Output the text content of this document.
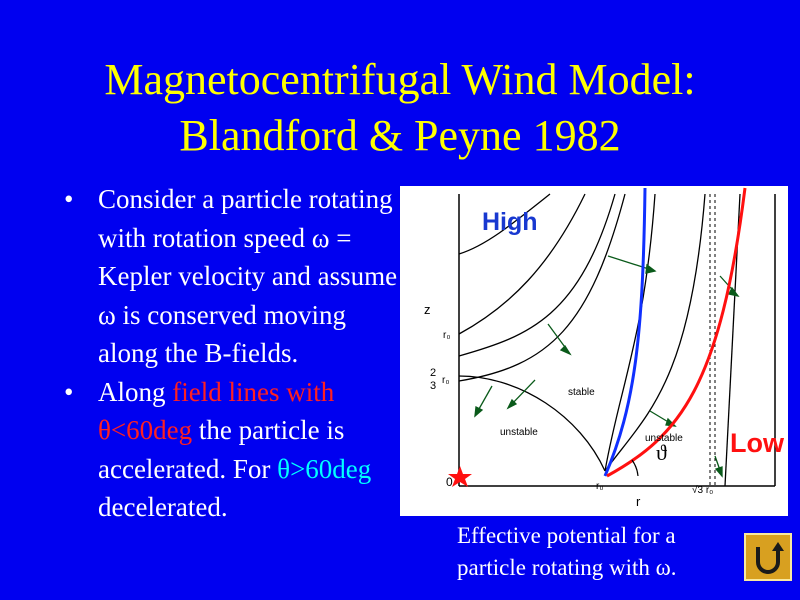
Magnetocentrifugal Wind Model:
Blandford & Peyne 1982
• Consider a particle rotating with rotation speed ω = Kepler velocity and assume ω is conserved moving along the B-fields.
• Along field lines with θ<60deg the particle is accelerated. For θ>60deg decelerated.
High
Low
z
r
r₀
2
3 r₀
stable
unstable
unstable
r₀	√3 r₀
0
ϑ
Effective potential for a
particle rotating with ω.
